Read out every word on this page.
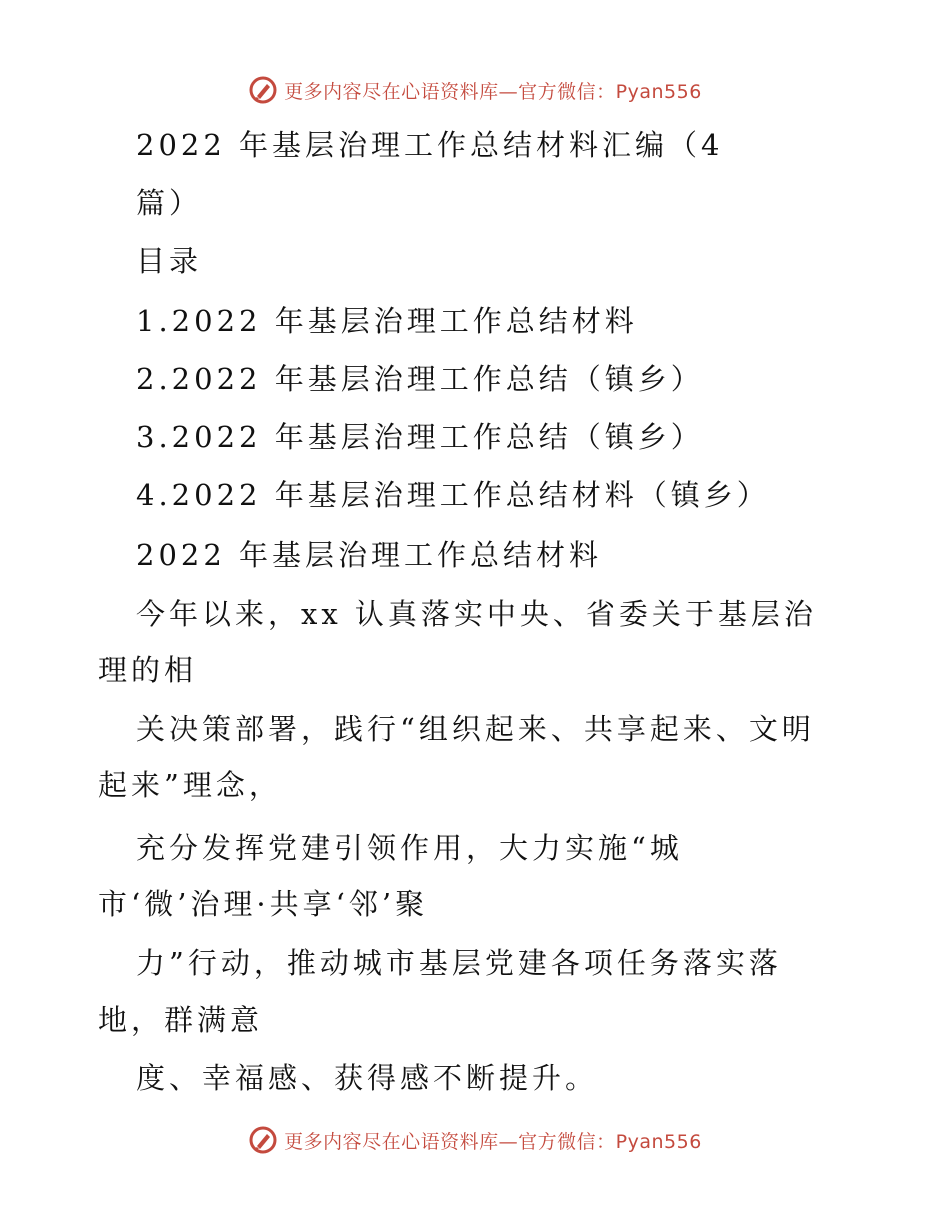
更多内容尽在心语资料库—官方微信：Pyan556
2022 年基层治理工作总结材料汇编（4
篇）
目录
1.2022 年基层治理工作总结材料
2.2022 年基层治理工作总结（镇乡）
3.2022 年基层治理工作总结（镇乡）
4.2022 年基层治理工作总结材料（镇乡）
2022 年基层治理工作总结材料
今年以来，xx 认真落实中央、省委关于基层治
理的相
关决策部署，践行“组织起来、共享起来、文明
起来”理念，
充分发挥党建引领作用，大力实施“城
市‘微’治理·共享‘邻’聚
力”行动，推动城市基层党建各项任务落实落
地，群满意
度、幸福感、获得感不断提升。
更多内容尽在心语资料库—官方微信：Pyan556
